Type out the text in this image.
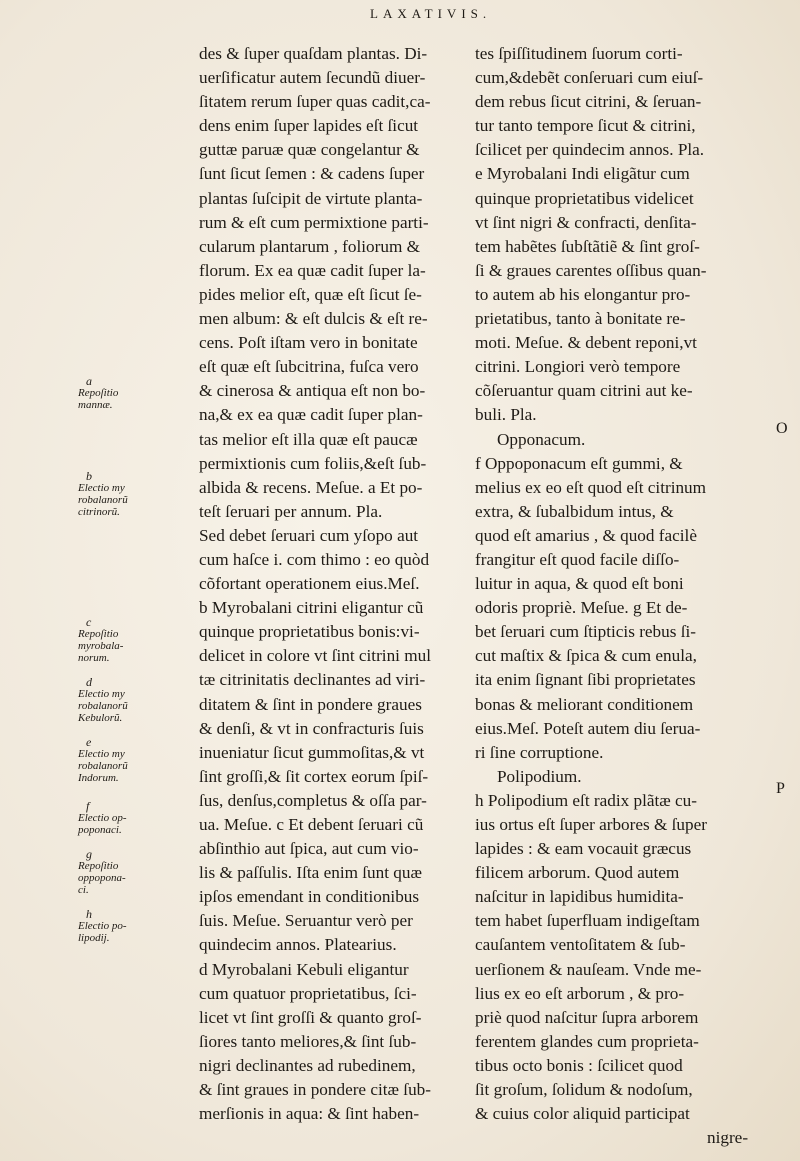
LAXATIVIS.
des & ſuper quaſdam plantas. Di-
uerſificatur autem ſecundũ diuer-
ſitatem rerum ſuper quas cadit,ca-
dens enim ſuper lapides eſt ſicut
guttæ paruæ quæ congelantur &
ſunt ſicut ſemen : & cadens ſuper
plantas ſuſcipit de virtute planta-
rum & eſt cum permixtione parti-
cularum plantarum , foliorum &
florum. Ex ea quæ cadit ſuper la-
pides melior eſt, quæ eſt ſicut ſe-
men album: & eſt dulcis & eſt re-
cens. Poſt iſtam vero in bonitate
eſt quæ eſt ſubcitrina, fuſca vero
& cinerosa & antiqua eſt non bo-
na,& ex ea quæ cadit ſuper plan-
tas melior eſt illa quæ eſt paucæ
permixtionis cum foliis,&eſt ſub-
albida & recens. Meſue. a Et po-
teſt ſeruari per annum. Pla.
Sed debet ſeruari cum yſopo aut
cum haſce i. com thimo : eo quòd
cõfortant operationem eius.Meſ.
b Myrobalani citrini eligantur cũ
quinque proprietatibus bonis:vi-
delicet in colore vt ſint citrini mul
tæ citrinitatis declinantes ad viri-
ditatem & ſint in pondere graues
& denſi, & vt in confracturis ſuis
inueniatur ſicut gummoſitas,& vt
ſint groſſi,& ſit cortex eorum ſpiſ-
ſus, denſus,completus & oſſa par-
ua. Meſue. c Et debent ſeruari cũ
abſinthio aut ſpica, aut cum vio-
lis & paſſulis. Iſta enim ſunt quæ
ipſos emendant in conditionibus
ſuis. Meſue. Seruantur verò per
quindecim annos. Platearius.
d Myrobalani Kebuli eligantur
cum quatuor proprietatibus, ſci-
licet vt ſint groſſi & quanto groſ-
ſiores tanto meliores,& ſint ſub-
nigri declinantes ad rubedinem,
& ſint graues in pondere citæ ſub-
merſionis in aqua: & ſint haben-
tes ſpiſſitudinem ſuorum corti-
cum,&debẽt conſeruari cum eiuſ-
dem rebus ſicut citrini, & ſeruan-
tur tanto tempore ſicut & citrini,
ſcilicet per quindecim annos. Pla.
e Myrobalani Indi eligãtur cum
quinque proprietatibus videlicet
vt ſint nigri & confracti, denſita-
tem habẽtes ſubſtãtiẽ & ſint groſ-
ſi & graues carentes oſſibus quan-
to autem ab his elongantur pro-
prietatibus, tanto à bonitate re-
moti. Meſue. & debent reponi,vt
citrini. Longiori verò tempore
cõſeruantur quam citrini aut ke-
buli. Pla.
Opponacum.
f Oppoponacum eſt gummi, &
melius ex eo eſt quod eſt citrinum
extra, & ſubalbidum intus, &
quod eſt amarius , & quod facilè
frangitur eſt quod facile diſſo-
luitur in aqua, & quod eſt boni
odoris propriè. Meſue. g Et de-
bet ſeruari cum ſtipticis rebus ſi-
cut maſtix & ſpica & cum enula,
ita enim ſignant ſibi proprietates
bonas & meliorant conditionem
eius.Meſ. Poteſt autem diu ſerua-
ri ſine corruptione.
Polipodium.
h Polipodium eſt radix plãtæ cu-
ius ortus eſt ſuper arbores & ſuper
lapides : & eam vocauit græcus
filicem arborum. Quod autem
naſcitur in lapidibus humidita-
tem habet ſuperfluam indigeſtam
cauſantem ventoſitatem & ſub-
uerſionem & nauſeam. Vnde me-
lius ex eo eſt arborum , & pro-
priè quod naſcitur ſupra arborem
ferentem glandes cum proprieta-
tibus octo bonis : ſcilicet quod
ſit groſum, ſolidum & nodoſum,
& cuius color aliquid participat
nigre-
a
Repoſitio
mannæ.
b
Electio my
robalanorũ
citrinorũ.
c
Repoſitio
myrobala-
norum.
d
Electio my
robalanorũ
Kebulorũ.
e
Electio my
robalanorũ
Indorum.
f
Electio op-
poponaci.
g
Repoſitio
oppopona-
ci.
h
Electio po-
lipodij.
O
P
